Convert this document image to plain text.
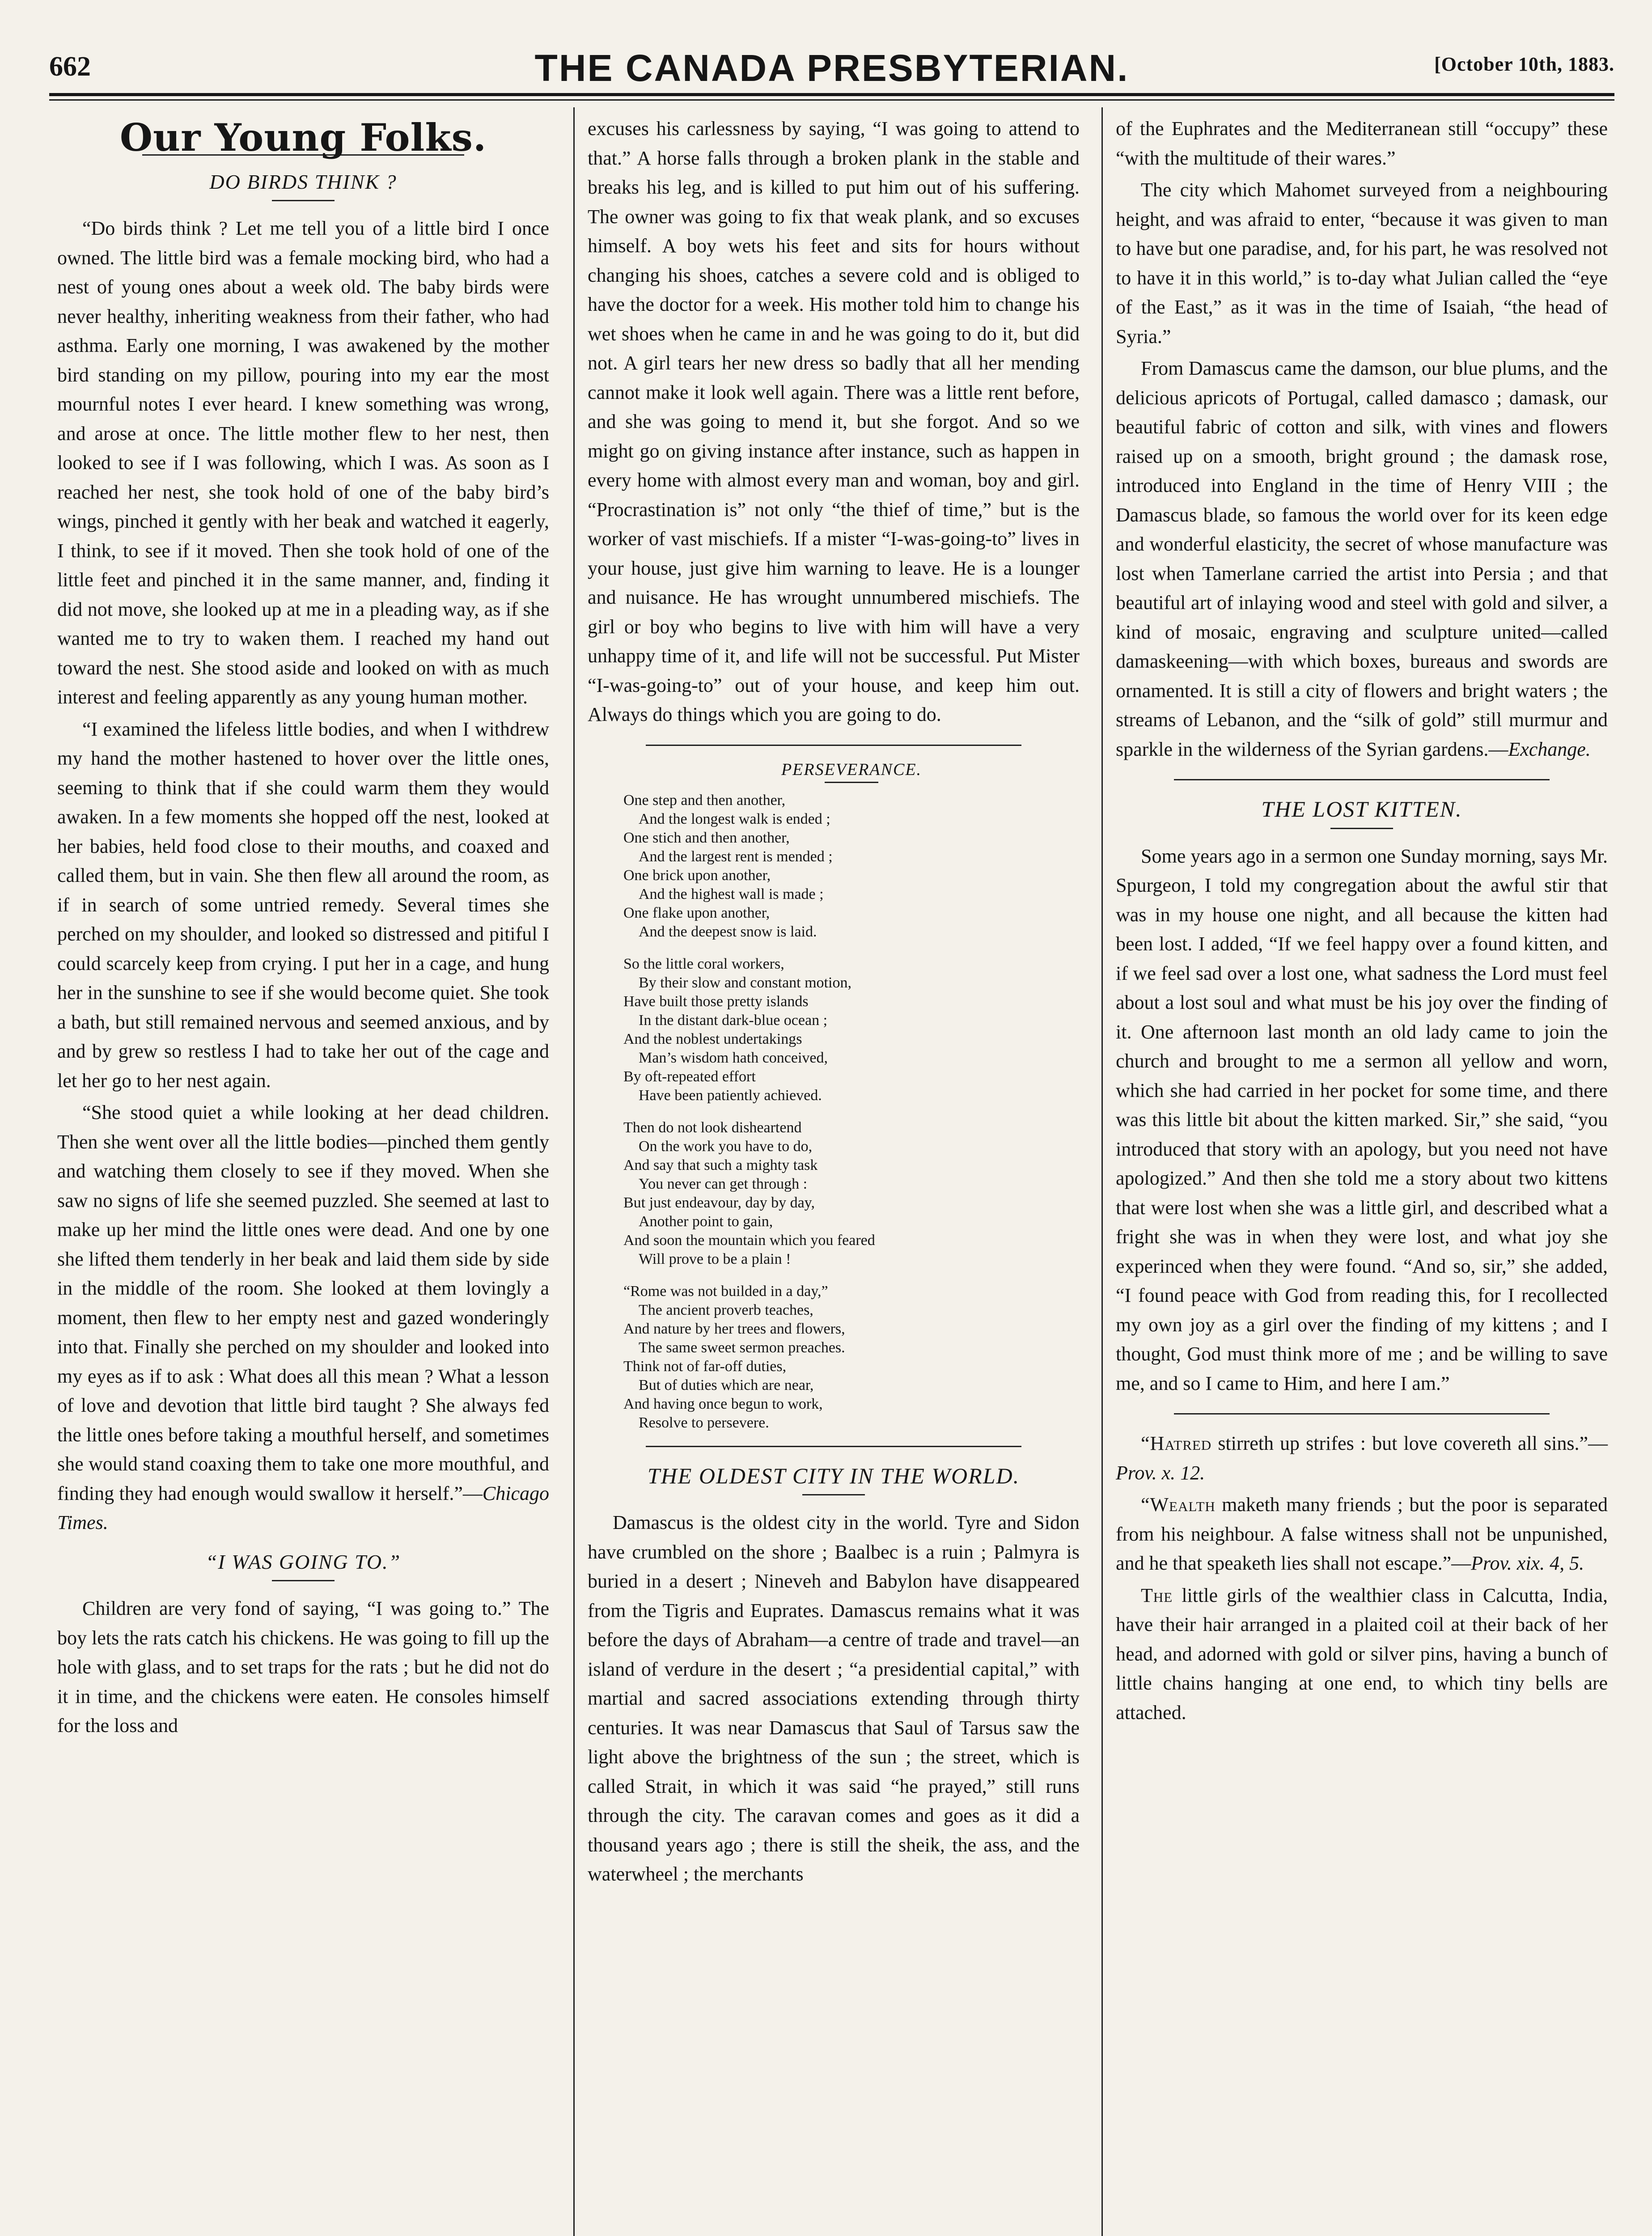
662	THE CANADA PRESBYTERIAN.	[October 10th, 1883.
Our Young Folks.
DO BIRDS THINK ?

“Do birds think ? Let me tell you of a little bird I once owned. The little bird was a female mocking bird, who had a nest of young ones about a week old. The baby birds were never healthy, inheriting weakness from their father, who had asthma. Early one morning, I was awakened by the mother bird standing on my pillow, pouring into my ear the most mournful notes I ever heard. I knew something was wrong, and arose at once. The little mother flew to her nest, then looked to see if I was following, which I was. As soon as I reached her nest, she took hold of one of the baby bird’s wings, pinched it gently with her beak and watched it eagerly, I think, to see if it moved. Then she took hold of one of the little feet and pinched it in the same manner, and, finding it did not move, she looked up at me in a pleading way, as if she wanted me to try to waken them. I reached my hand out toward the nest. She stood aside and looked on with as much interest and feeling apparently as any young human mother.

“I examined the lifeless little bodies, and when I withdrew my hand the mother hastened to hover over the little ones, seeming to think that if she could warm them they would awaken. In a few moments she hopped off the nest, looked at her babies, held food close to their mouths, and coaxed and called them, but in vain. She then flew all around the room, as if in search of some untried remedy. Several times she perched on my shoulder, and looked so distressed and pitiful I could scarcely keep from crying. I put her in a cage, and hung her in the sunshine to see if she would become quiet. She took a bath, but still remained nervous and seemed anxious, and by and by grew so restless I had to take her out of the cage and let her go to her nest again.

“She stood quiet a while looking at her dead children. Then she went over all the little bodies—pinched them gently and watching them closely to see if they moved. When she saw no signs of life she seemed puzzled. She seemed at last to make up her mind the little ones were dead. And one by one she lifted them tenderly in her beak and laid them side by side in the middle of the room. She looked at them lovingly a moment, then flew to her empty nest and gazed wonderingly into that. Finally she perched on my shoulder and looked into my eyes as if to ask : What does all this mean ? What a lesson of love and devotion that little bird taught ? She always fed the little ones before taking a mouthful herself, and sometimes she would stand coaxing them to take one more mouthful, and finding they had enough would swallow it herself.”—Chicago Times.

“I WAS GOING TO.”

Children are very fond of saying, “I was going to.” The boy lets the rats catch his chickens. He was going to fill up the hole with glass, and to set traps for the rats ; but he did not do it in time, and the chickens were eaten. He consoles himself for the loss and

excuses his carlessness by saying, “I was going to attend to that.” A horse falls through a broken plank in the stable and breaks his leg, and is killed to put him out of his suffering. The owner was going to fix that weak plank, and so excuses himself. A boy wets his feet and sits for hours without changing his shoes, catches a severe cold and is obliged to have the doctor for a week. His mother told him to change his wet shoes when he came in and he was going to do it, but did not. A girl tears her new dress so badly that all her mending cannot make it look well again. There was a little rent before, and she was going to mend it, but she forgot. And so we might go on giving instance after instance, such as happen in every home with almost every man and woman, boy and girl. “Procrastination is” not only “the thief of time,” but is the worker of vast mischiefs. If a mister “I-was-going-to” lives in your house, just give him warning to leave. He is a lounger and nuisance. He has wrought unnumbered mischiefs. The girl or boy who begins to live with him will have a very unhappy time of it, and life will not be successful. Put Mister “I-was-going-to” out of your house, and keep him out. Always do things which you are going to do.

PERSEVERANCE.
One step and then another,
And the longest walk is ended ;
One stich and then another,
And the largest rent is mended ;
One brick upon another,
And the highest wall is made ;
One flake upon another,
And the deepest snow is laid.
So the little coral workers,
By their slow and constant motion,
Have built those pretty islands
In the distant dark-blue ocean ;
And the noblest undertakings
Man’s wisdom hath conceived,
By oft-repeated effort
Have been patiently achieved.
Then do not look disheartend
On the work you have to do,
And say that such a mighty task
You never can get through :
But just endeavour, day by day,
Another point to gain,
And soon the mountain which you feared
Will prove to be a plain !
“Rome was not builded in a day,”
The ancient proverb teaches,
And nature by her trees and flowers,
The same sweet sermon preaches.
Think not of far-off duties,
But of duties which are near,
And having once begun to work,
Resolve to persevere.
THE OLDEST CITY IN THE WORLD.

Damascus is the oldest city in the world. Tyre and Sidon have crumbled on the shore ; Baalbec is a ruin ; Palmyra is buried in a desert ; Nineveh and Babylon have disappeared from the Tigris and Euprates. Damascus remains what it was before the days of Abraham—a centre of trade and travel—an island of verdure in the desert ; “a presidential capital,” with martial and sacred associations extending through thirty centuries. It was near Damascus that Saul of Tarsus saw the light above the brightness of the sun ; the street, which is called Strait, in which it was said “he prayed,” still runs through the city. The caravan comes and goes as it did a thousand years ago ; there is still the sheik, the ass, and the waterwheel ; the merchants

of the Euphrates and the Mediterranean still “occupy” these “with the multitude of their wares.”

The city which Mahomet surveyed from a neighbouring height, and was afraid to enter, “because it was given to man to have but one paradise, and, for his part, he was resolved not to have it in this world,” is to-day what Julian called the “eye of the East,” as it was in the time of Isaiah, “the head of Syria.”

From Damascus came the damson, our blue plums, and the delicious apricots of Portugal, called damasco ; damask, our beautiful fabric of cotton and silk, with vines and flowers raised up on a smooth, bright ground ; the damask rose, introduced into England in the time of Henry VIII ; the Damascus blade, so famous the world over for its keen edge and wonderful elasticity, the secret of whose manufacture was lost when Tamerlane carried the artist into Persia ; and that beautiful art of inlaying wood and steel with gold and silver, a kind of mosaic, engraving and sculpture united—called damaskeening—with which boxes, bureaus and swords are ornamented. It is still a city of flowers and bright waters ; the streams of Lebanon, and the “silk of gold” still murmur and sparkle in the wilderness of the Syrian gardens.—Exchange.

THE LOST KITTEN.

Some years ago in a sermon one Sunday morning, says Mr. Spurgeon, I told my congregation about the awful stir that was in my house one night, and all because the kitten had been lost. I added, “If we feel happy over a found kitten, and if we feel sad over a lost one, what sadness the Lord must feel about a lost soul and what must be his joy over the finding of it. One afternoon last month an old lady came to join the church and brought to me a sermon all yellow and worn, which she had carried in her pocket for some time, and there was this little bit about the kitten marked. Sir,” she said, “you introduced that story with an apology, but you need not have apologized.” And then she told me a story about two kittens that were lost when she was a little girl, and described what a fright she was in when they were lost, and what joy she experinced when they were found. “And so, sir,” she added, “I found peace with God from reading this, for I recollected my own joy as a girl over the finding of my kittens ; and I thought, God must think more of me ; and be willing to save me, and so I came to Him, and here I am.”

“Hatred stirreth up strifes : but love covereth all sins.”—Prov. x. 12.

“Wealth maketh many friends ; but the poor is separated from his neighbour. A false witness shall not be unpunished, and he that speaketh lies shall not escape.”—Prov. xix. 4, 5.

The little girls of the wealthier class in Calcutta, India, have their hair arranged in a plaited coil at their back of her head, and adorned with gold or silver pins, having a bunch of little chains hanging at one end, to which tiny bells are attached.
